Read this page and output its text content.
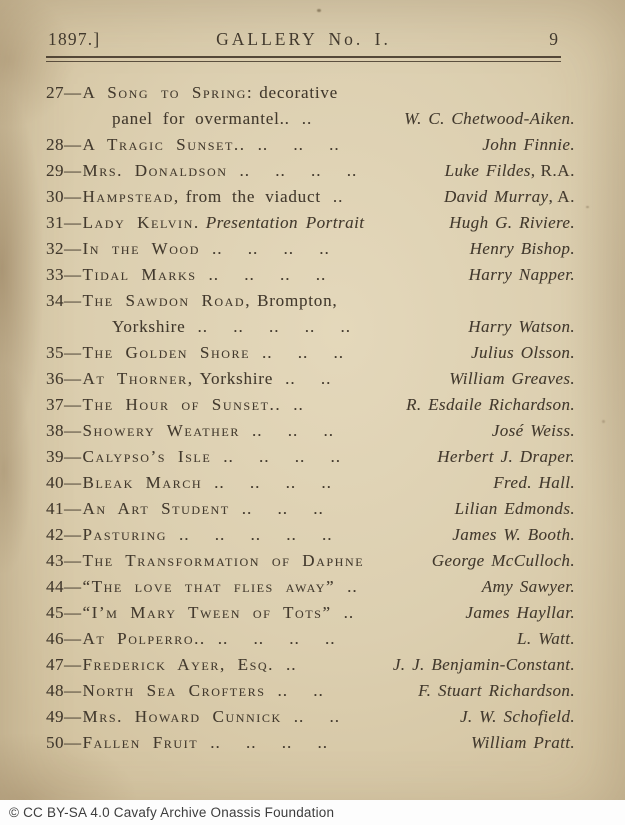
1897.]	GALLERY No. I.	9
27— A Song to Spring: decorative
panel for overmantel.. ..	W. C. Chetwood-Aiken.
28— A Tragic Sunset.. .. .. ..	John Finnie.
29— Mrs. Donaldson .. .. .. ..	Luke Fildes, R.A.
30— Hampstead, from the viaduct ..	David Murray, A.
31— Lady Kelvin. Presentation Portrait	Hugh G. Riviere.
32— In the Wood .. .. .. ..	Henry Bishop.
33— Tidal Marks .. .. .. ..	Harry Napper.
34— The Sawdon Road, Brompton,
Yorkshire .. .. .. .. ..	Harry Watson.
35— The Golden Shore .. .. ..	Julius Olsson.
36— At Thorner, Yorkshire .. ..	William Greaves.
37— The Hour of Sunset.. ..	R. Esdaile Richardson.
38— Showery Weather .. .. ..	José Weiss.
39— Calypso’s Isle .. .. .. ..	Herbert J. Draper.
40— Bleak March .. .. .. ..	Fred. Hall.
41— An Art Student .. .. ..	Lilian Edmonds.
42— Pasturing .. .. .. .. ..	James W. Booth.
43— The Transformation of Daphne	George McCulloch.
44— “The love that flies away” ..	Amy Sawyer.
45— “I’m Mary Tween of Tots” ..	James Hayllar.
46— At Polperro.. .. .. .. ..	L. Watt.
47— Frederick Ayer, Esq. ..	J. J. Benjamin-Constant.
48— North Sea Crofters .. ..	F. Stuart Richardson.
49— Mrs. Howard Cunnick .. ..	J. W. Schofield.
50— Fallen Fruit .. .. .. ..	William Pratt.
© CC BY-SA 4.0 Cavafy Archive Onassis Foundation
